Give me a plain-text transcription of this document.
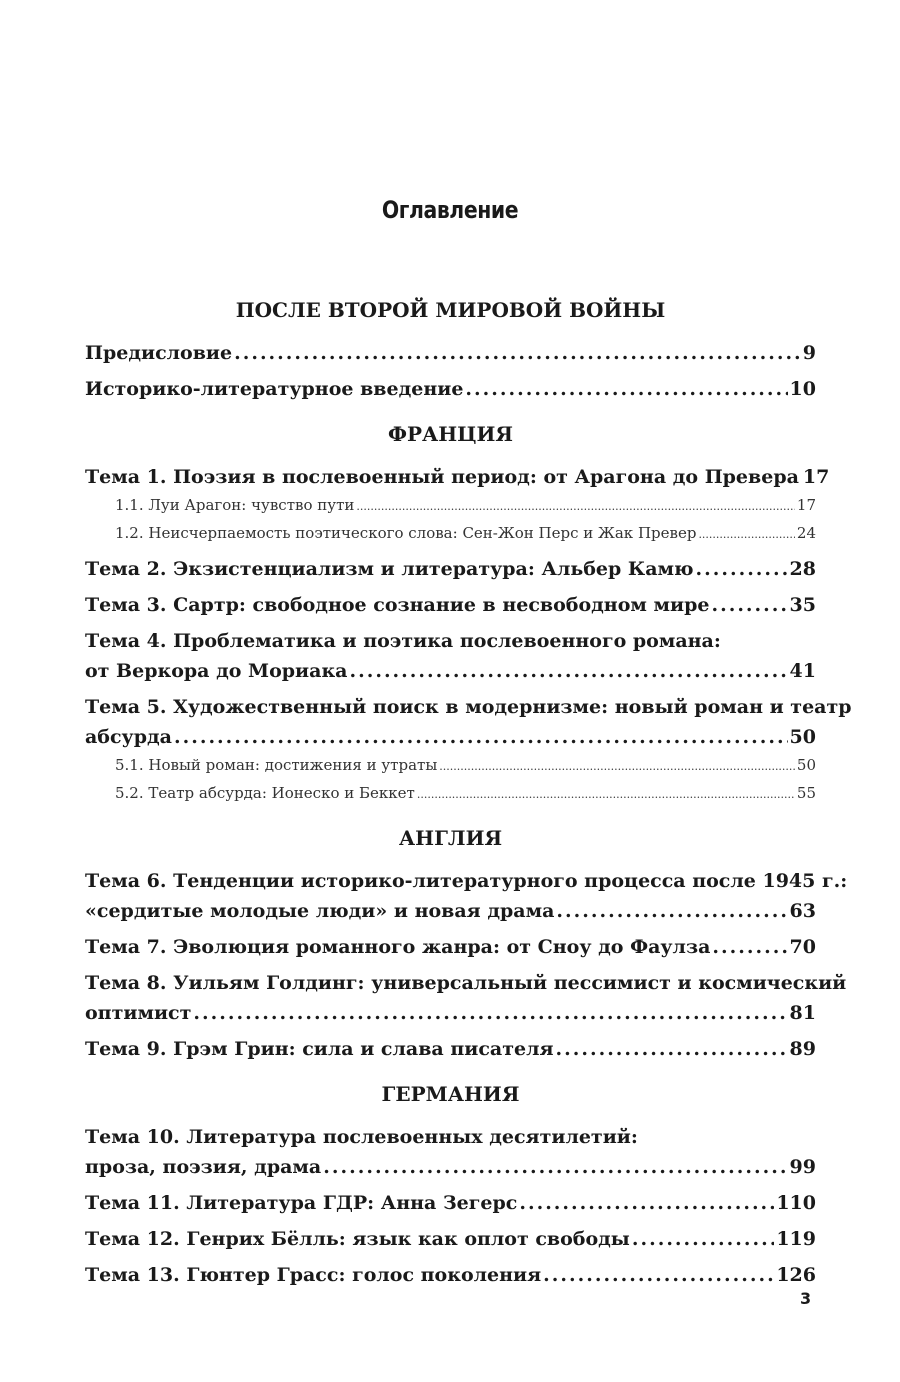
Оглавление
ПОСЛЕ ВТОРОЙ МИРОВОЙ ВОЙНЫ
Предисловие .....	9
Историко-литературное введение .....	10
ФРАНЦИЯ
Тема 1. Поэзия в послевоенный период: от Арагона до Превера 17
1.1. Луи Арагон: чувство пути .....	17
1.2. Неисчерпаемость поэтического слова: Сен-Жон Перс и Жак Превер .....	24
Тема 2. Экзистенциализм и литература: Альбер Камю .....	28
Тема 3. Сартр: свободное сознание в несвободном мире .....	35
Тема 4. Проблематика и поэтика послевоенного романа:
от Веркора до Мориака .....	41
Тема 5. Художественный поиск в модернизме: новый роман и театр
абсурда .....	50
5.1. Новый роман: достижения и утраты .....	50
5.2. Театр абсурда: Ионеско и Беккет .....	55
АНГЛИЯ
Тема 6. Тенденции историко-литературного процесса после 1945 г.:
«сердитые молодые люди» и новая драма .....	63
Тема 7. Эволюция романного жанра: от Сноу до Фаулза .....	70
Тема 8. Уильям Голдинг: универсальный пессимист и космический
оптимист .....	81
Тема 9. Грэм Грин: сила и слава писателя .....	89
ГЕРМАНИЯ
Тема 10. Литература послевоенных десятилетий:
проза, поэзия, драма .....	99
Тема 11. Литература ГДР: Анна Зегерс .....	110
Тема 12. Генрих Бёлль: язык как оплот свободы .....	119
Тема 13. Гюнтер Грасс: голос поколения .....	126
3
